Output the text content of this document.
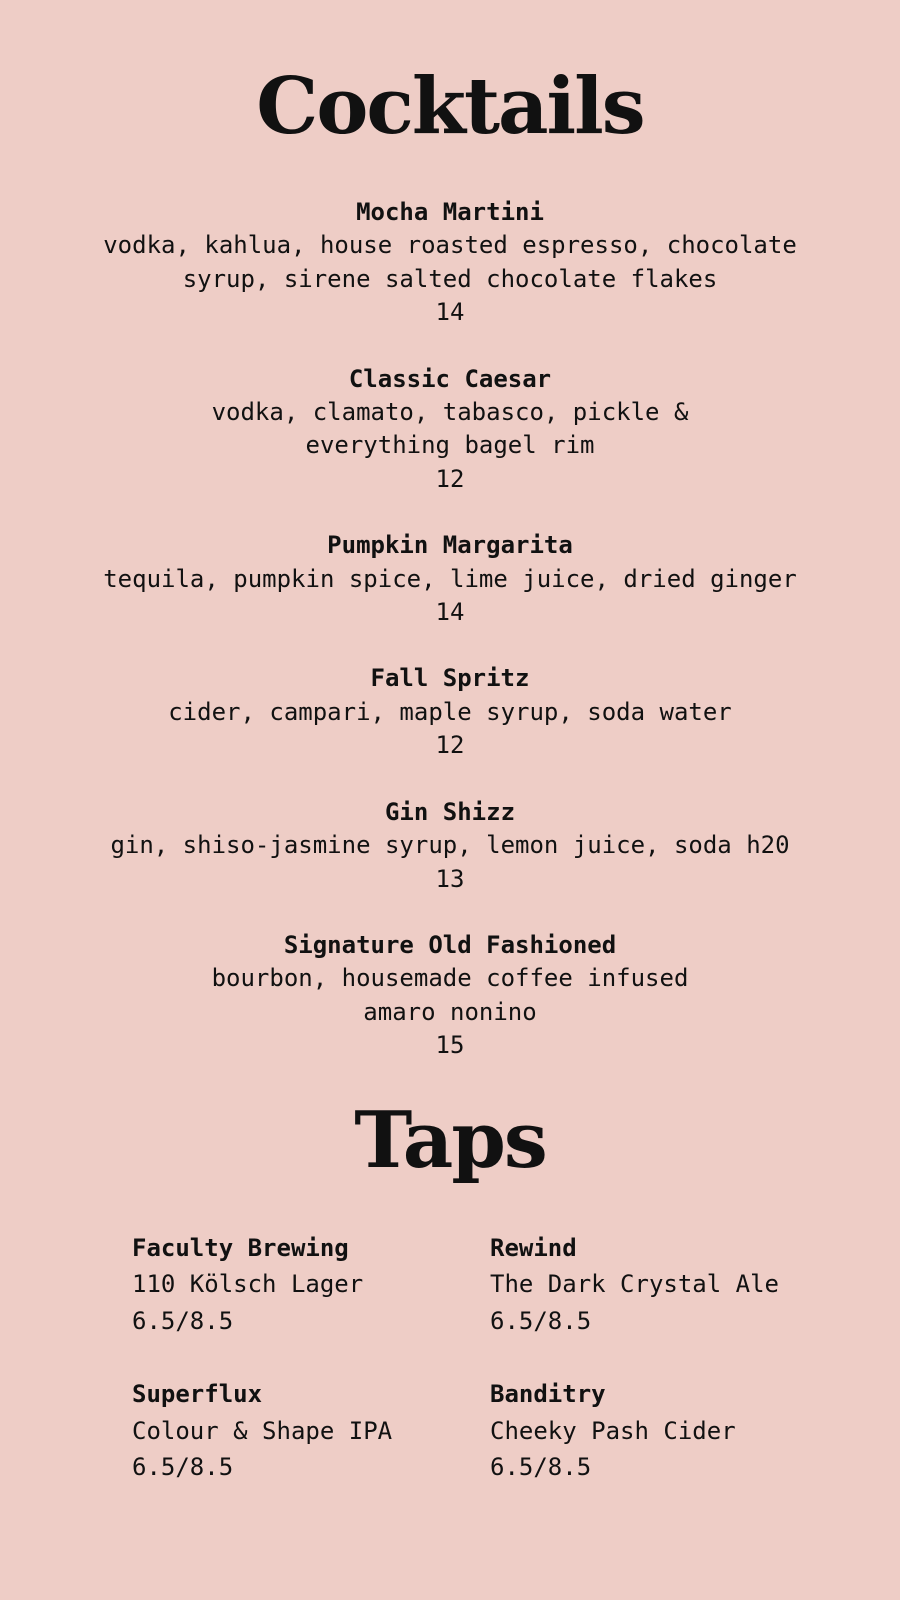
Cocktails
Mocha Martini
vodka, kahlua, house roasted espresso, chocolate
syrup, sirene salted chocolate flakes
14
Classic Caesar
vodka, clamato, tabasco, pickle &
everything bagel rim
12
Pumpkin Margarita
tequila, pumpkin spice, lime juice, dried ginger
14
Fall Spritz
cider, campari, maple syrup, soda water
12
Gin Shizz
gin, shiso-jasmine syrup, lemon juice, soda h20
13
Signature Old Fashioned
bourbon, housemade coffee infused
amaro nonino
15
Taps
Faculty Brewing
110 Kölsch Lager
6.5/8.5
Rewind
The Dark Crystal Ale
6.5/8.5
Superflux
Colour & Shape IPA
6.5/8.5
Banditry
Cheeky Pash Cider
6.5/8.5
